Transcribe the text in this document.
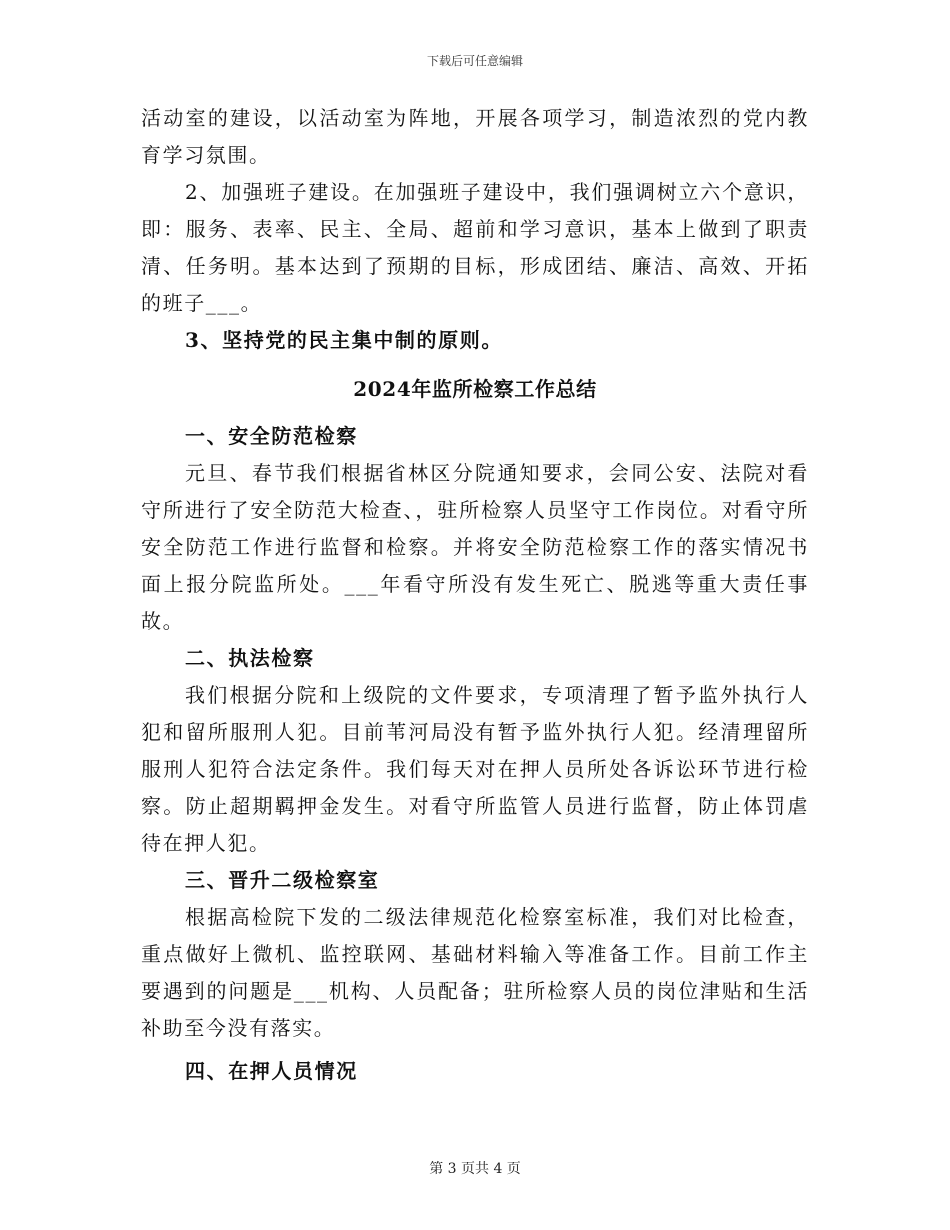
下载后可任意编辑

活动室的建设，以活动室为阵地，开展各项学习，制造浓烈的党内教育学习氛围。

2、加强班子建设。在加强班子建设中，我们强调树立六个意识，即：服务、表率、民主、全局、超前和学习意识，基本上做到了职责清、任务明。基本达到了预期的目标，形成团结、廉洁、高效、开拓的班子___。

3、坚持党的民主集中制的原则。

2024年监所检察工作总结
一、安全防范检察

元旦、春节我们根据省林区分院通知要求，会同公安、法院对看守所进行了安全防范大检查、，驻所检察人员坚守工作岗位。对看守所安全防范工作进行监督和检察。并将安全防范检察工作的落实情况书面上报分院监所处。___年看守所没有发生死亡、脱逃等重大责任事故。

二、执法检察

我们根据分院和上级院的文件要求，专项清理了暂予监外执行人犯和留所服刑人犯。目前苇河局没有暂予监外执行人犯。经清理留所服刑人犯符合法定条件。我们每天对在押人员所处各诉讼环节进行检察。防止超期羁押金发生。对看守所监管人员进行监督，防止体罚虐待在押人犯。

三、晋升二级检察室

根据高检院下发的二级法律规范化检察室标准，我们对比检查，重点做好上微机、监控联网、基础材料输入等准备工作。目前工作主要遇到的问题是___机构、人员配备；驻所检察人员的岗位津贴和生活补助至今没有落实。

四、在押人员情况
第 3 页共 4 页
